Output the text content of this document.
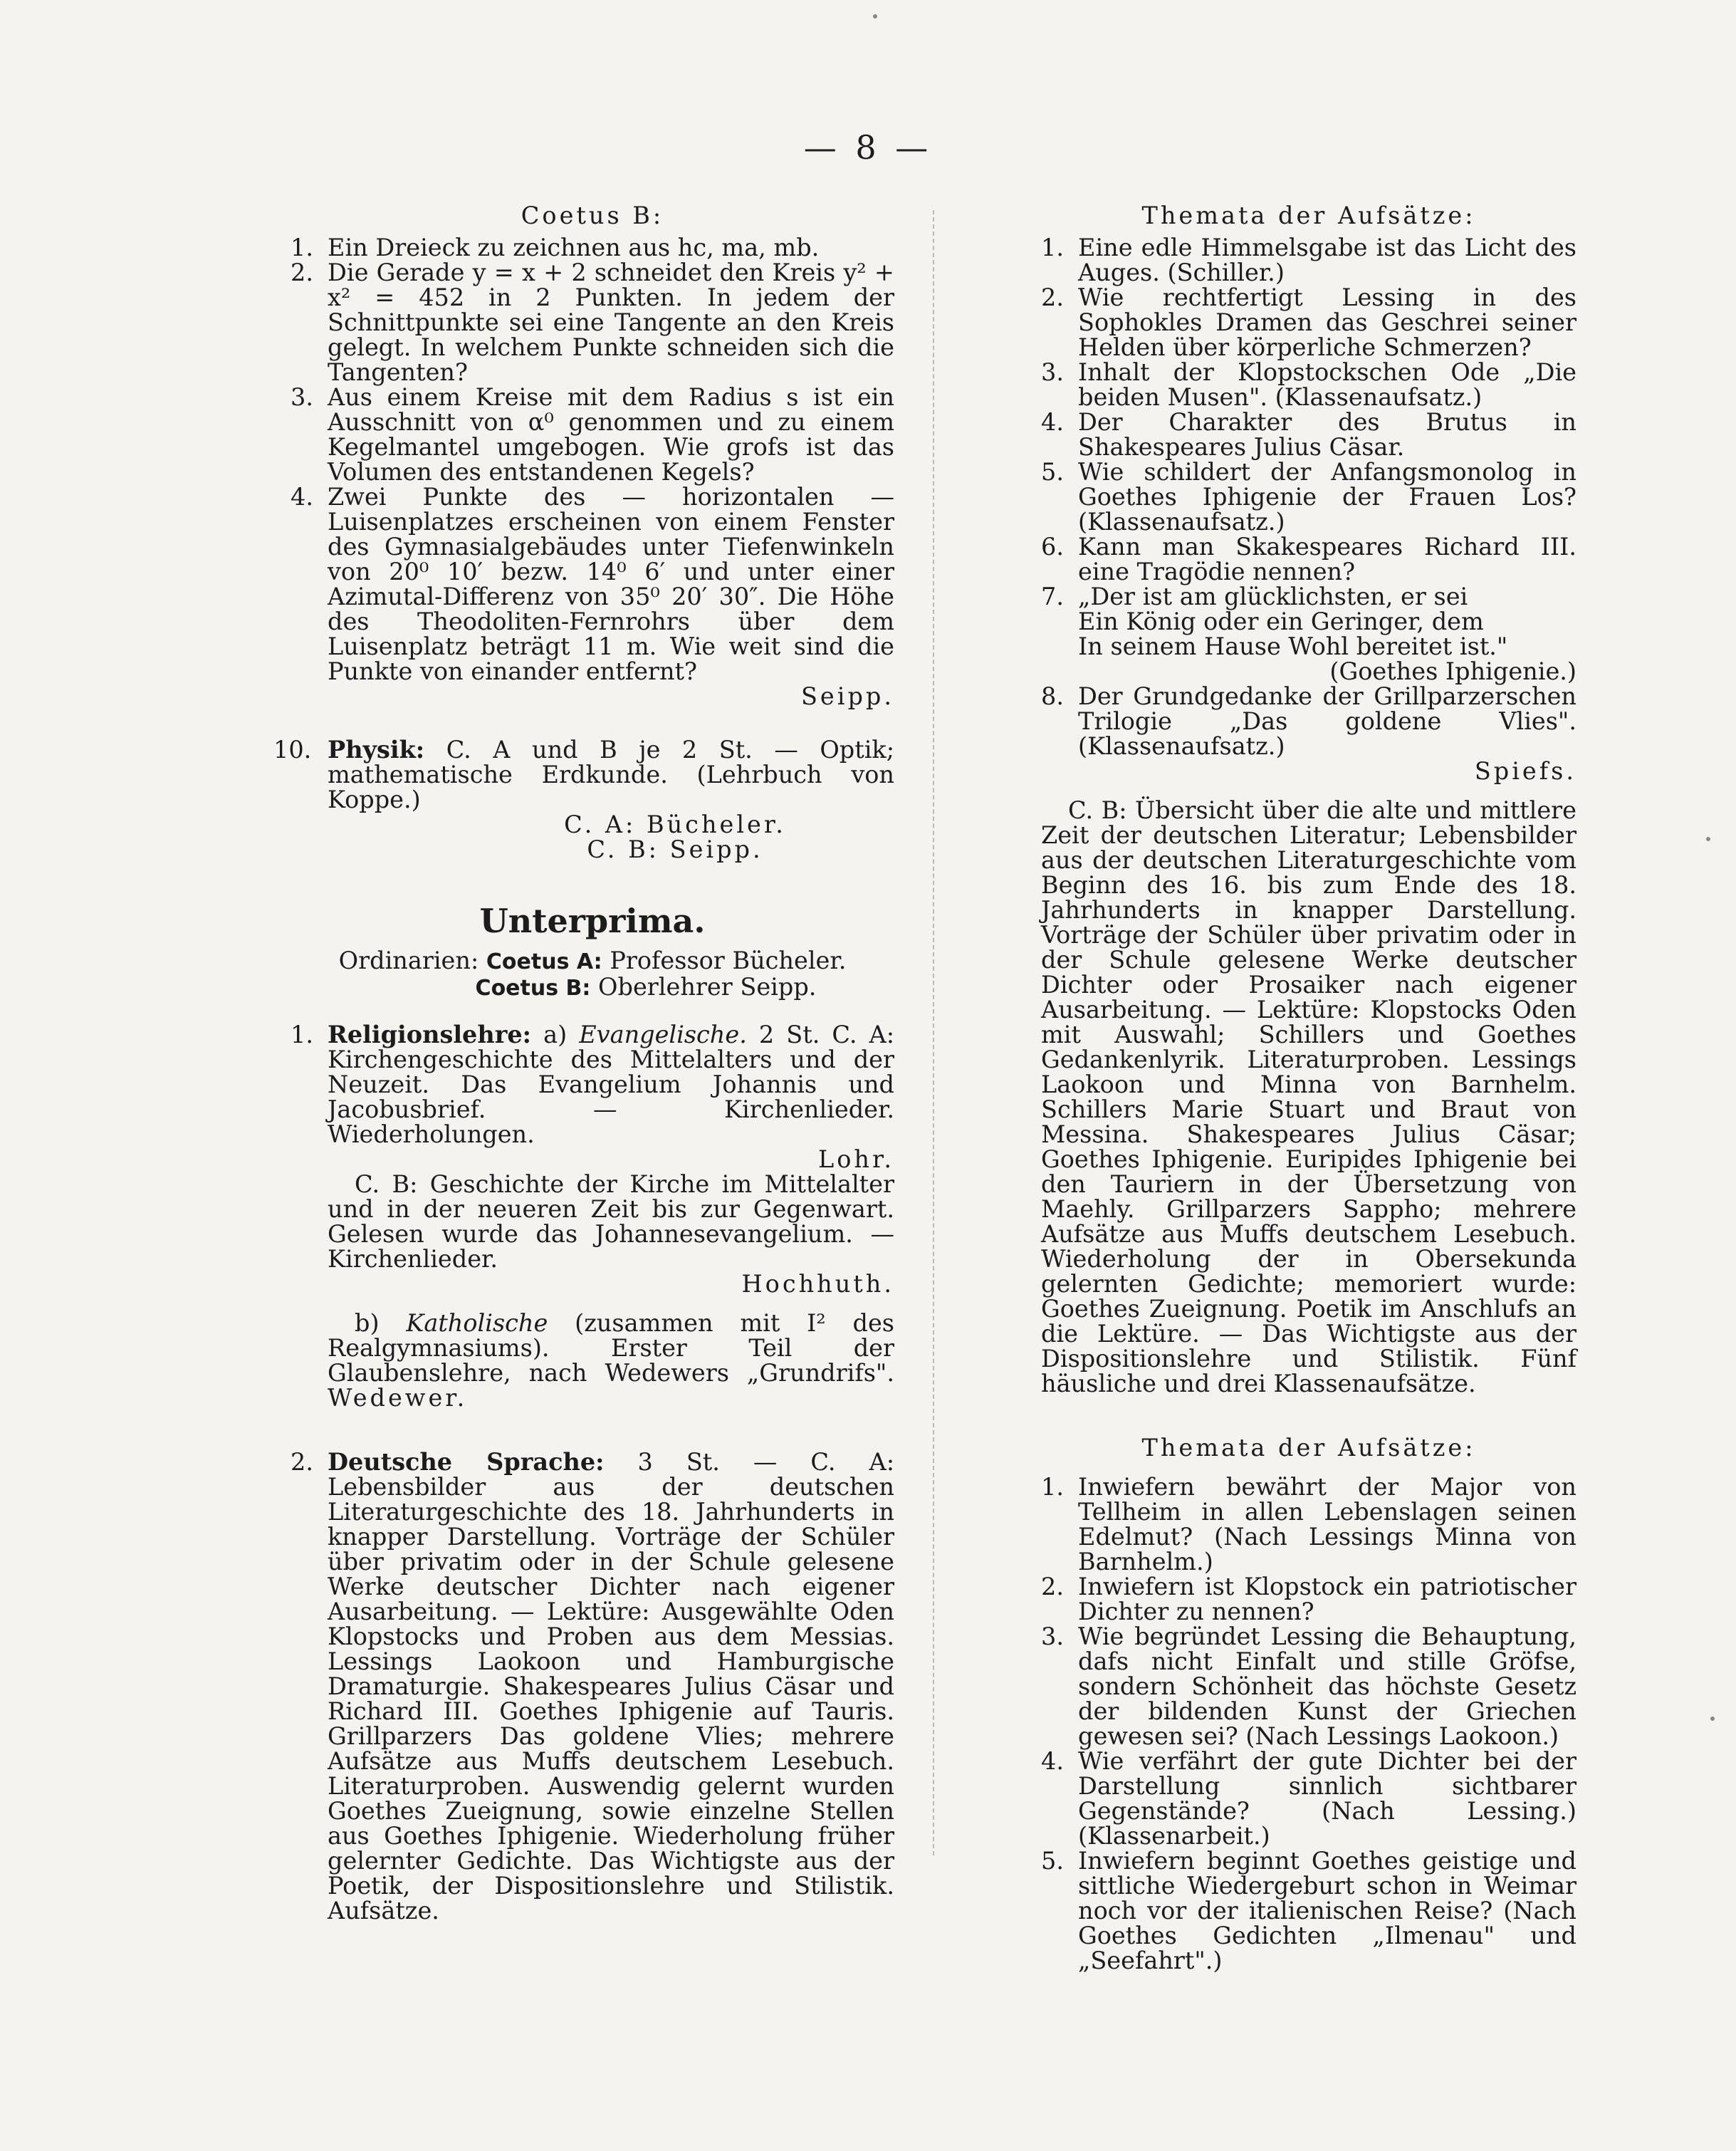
— 8 —
Coetus B:
1. Ein Dreieck zu zeichnen aus hc, ma, mb.
2. Die Gerade y = x + 2 schneidet den Kreis y² + x² = 452 in 2 Punkten. In jedem der Schnittpunkte sei eine Tangente an den Kreis gelegt. In welchem Punkte schneiden sich die Tangenten?
3. Aus einem Kreise mit dem Radius s ist ein Ausschnitt von α⁰ genommen und zu einem Kegelmantel umgebogen. Wie grofs ist das Volumen des entstandenen Kegels?
4. Zwei Punkte des — horizontalen — Luisenplatzes erscheinen von einem Fenster des Gymnasialgebäudes unter Tiefenwinkeln von 20⁰ 10′ bezw. 14⁰ 6′ und unter einer Azimutal-Differenz von 35⁰ 20′ 30″. Die Höhe des Theodoliten-Fernrohrs über dem Luisenplatz beträgt 11 m. Wie weit sind die Punkte von einander entfernt?
Seipp.
10. Physik: C. A und B je 2 St. — Optik; mathematische Erdkunde. (Lehrbuch von Koppe.)
C. A: Bücheler.
C. B: Seipp.
Unterprima.
Ordinarien: Coetus A: Professor Bücheler.
Coetus B: Oberlehrer Seipp.
1. Religionslehre: a) Evangelische. 2 St. C. A: Kirchengeschichte des Mittelalters und der Neuzeit. Das Evangelium Johannis und Jacobusbrief. — Kirchenlieder. Wiederholungen.
Lohr.
C. B: Geschichte der Kirche im Mittelalter und in der neueren Zeit bis zur Gegenwart. Gelesen wurde das Johannesevangelium. — Kirchenlieder.
Hochhuth.
b) Katholische (zusammen mit I² des Realgymnasiums). Erster Teil der Glaubenslehre, nach Wedewers „Grundrifs". Wedewer.
2. Deutsche Sprache: 3 St. — C. A: Lebensbilder aus der deutschen Literaturgeschichte des 18. Jahrhunderts in knapper Darstellung. Vorträge der Schüler über privatim oder in der Schule gelesene Werke deutscher Dichter nach eigener Ausarbeitung. — Lektüre: Ausgewählte Oden Klopstocks und Proben aus dem Messias. Lessings Laokoon und Hamburgische Dramaturgie. Shakespeares Julius Cäsar und Richard III. Goethes Iphigenie auf Tauris. Grillparzers Das goldene Vlies; mehrere Aufsätze aus Muffs deutschem Lesebuch. Literaturproben. Auswendig gelernt wurden Goethes Zueignung, sowie einzelne Stellen aus Goethes Iphigenie. Wiederholung früher gelernter Gedichte. Das Wichtigste aus der Poetik, der Dispositionslehre und Stilistik. Aufsätze.
Themata der Aufsätze:
1. Eine edle Himmelsgabe ist das Licht des Auges. (Schiller.)
2. Wie rechtfertigt Lessing in des Sophokles Dramen das Geschrei seiner Helden über körperliche Schmerzen?
3. Inhalt der Klopstockschen Ode „Die beiden Musen". (Klassenaufsatz.)
4. Der Charakter des Brutus in Shakespeares Julius Cäsar.
5. Wie schildert der Anfangsmonolog in Goethes Iphigenie der Frauen Los? (Klassenaufsatz.)
6. Kann man Skakespeares Richard III. eine Tragödie nennen?
7. „Der ist am glücklichsten, er sei
Ein König oder ein Geringer, dem
In seinem Hause Wohl bereitet ist."
(Goethes Iphigenie.)
8. Der Grundgedanke der Grillparzerschen Trilogie „Das goldene Vlies". (Klassenaufsatz.)
Spiefs.
C. B: Übersicht über die alte und mittlere Zeit der deutschen Literatur; Lebensbilder aus der deutschen Literaturgeschichte vom Beginn des 16. bis zum Ende des 18. Jahrhunderts in knapper Darstellung. Vorträge der Schüler über privatim oder in der Schule gelesene Werke deutscher Dichter oder Prosaiker nach eigener Ausarbeitung. — Lektüre: Klopstocks Oden mit Auswahl; Schillers und Goethes Gedankenlyrik. Literaturproben. Lessings Laokoon und Minna von Barnhelm. Schillers Marie Stuart und Braut von Messina. Shakespeares Julius Cäsar; Goethes Iphigenie. Euripides Iphigenie bei den Tauriern in der Übersetzung von Maehly. Grillparzers Sappho; mehrere Aufsätze aus Muffs deutschem Lesebuch. Wiederholung der in Obersekunda gelernten Gedichte; memoriert wurde: Goethes Zueignung. Poetik im Anschlufs an die Lektüre. — Das Wichtigste aus der Dispositionslehre und Stilistik. Fünf häusliche und drei Klassenaufsätze.
Themata der Aufsätze:
1. Inwiefern bewährt der Major von Tellheim in allen Lebenslagen seinen Edelmut? (Nach Lessings Minna von Barnhelm.)
2. Inwiefern ist Klopstock ein patriotischer Dichter zu nennen?
3. Wie begründet Lessing die Behauptung, dafs nicht Einfalt und stille Gröfse, sondern Schönheit das höchste Gesetz der bildenden Kunst der Griechen gewesen sei? (Nach Lessings Laokoon.)
4. Wie verfährt der gute Dichter bei der Darstellung sinnlich sichtbarer Gegenstände? (Nach Lessing.) (Klassenarbeit.)
5. Inwiefern beginnt Goethes geistige und sittliche Wiedergeburt schon in Weimar noch vor der italienischen Reise? (Nach Goethes Gedichten „Ilmenau" und „Seefahrt".)
